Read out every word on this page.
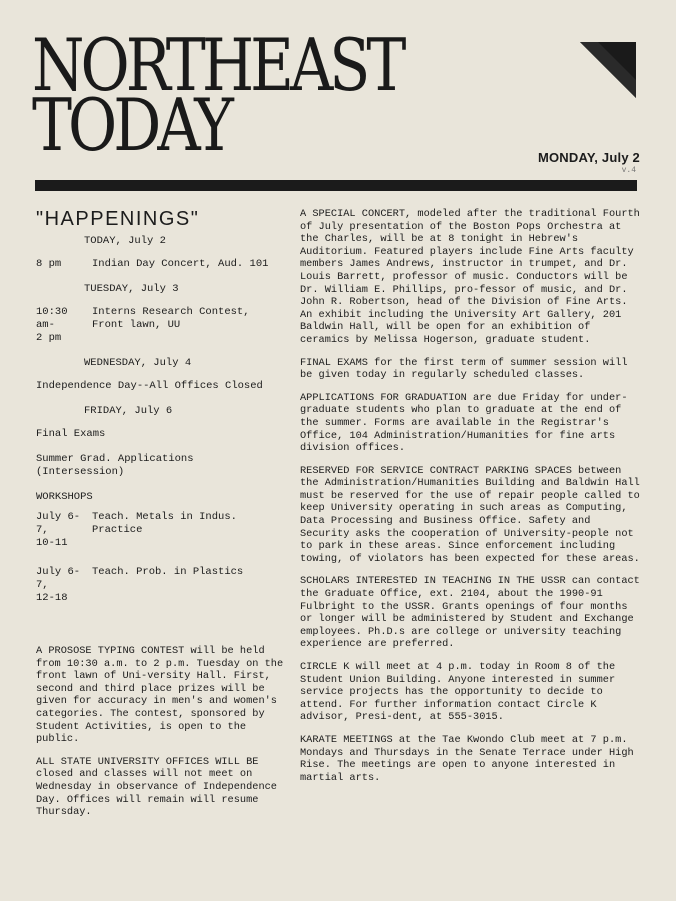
NORTHEAST
TODAY	MONDAY, July 2
v.4
"HAPPENINGS"
TODAY, July 2
8 pm	Indian Day Concert, Aud. 101
TUESDAY, July 3
10:30 am-
2 pm
Interns Research Contest, Front lawn, UU
WEDNESDAY, July 4
Independence Day--All Offices Closed
FRIDAY, July 6
Final Exams
Summer Grad. Applications (Intersession)
WORKSHOPS
July 6-7,
10-11
Teach. Metals in Indus. Practice
July 6-7,
12-18
Teach. Prob. in Plastics

A PROSOSE TYPING CONTEST will be held from 10:30 a.m. to 2 p.m. Tuesday on the front lawn of Uni-versity Hall. First, second and third place prizes will be given for accuracy in men's and women's categories. The contest, sponsored by Student Activities, is open to the public.

ALL STATE UNIVERSITY OFFICES WILL BE closed and classes will not meet on Wednesday in observance of Independence Day. Offices will remain will resume Thursday.

A SPECIAL CONCERT, modeled after the traditional Fourth of July presentation of the Boston Pops Orchestra at the Charles, will be at 8 tonight in Hebrew's Auditorium. Featured players include Fine Arts faculty members James Andrews, instructor in trumpet, and Dr. Louis Barrett, professor of music. Conductors will be Dr. William E. Phillips, pro-fessor of music, and Dr. John R. Robertson, head of the Division of Fine Arts. An exhibit including the University Art Gallery, 201 Baldwin Hall, will be open for an exhibition of ceramics by Melissa Hogerson, graduate student.

FINAL EXAMS for the first term of summer session will be given today in regularly scheduled classes.

APPLICATIONS FOR GRADUATION are due Friday for under-graduate students who plan to graduate at the end of the summer. Forms are available in the Registrar's Office, 104 Administration/Humanities for fine arts division offices.

RESERVED FOR SERVICE CONTRACT PARKING SPACES between the Administration/Humanities Building and Baldwin Hall must be reserved for the use of repair people called to keep University operating in such areas as Computing, Data Processing and Business Office. Safety and Security asks the cooperation of University-people not to park in these areas. Since enforcement including towing, of violators has been expected for these areas.

SCHOLARS INTERESTED IN TEACHING IN THE USSR can contact the Graduate Office, ext. 2104, about the 1990-91 Fulbright to the USSR. Grants openings of four months or longer will be administered by Student and Exchange employees. Ph.D.s are college or university teaching experience are preferred.

CIRCLE K will meet at 4 p.m. today in Room 8 of the Student Union Building. Anyone interested in summer service projects has the opportunity to decide to attend. For further information contact Circle K advisor, Presi-dent, at 555-3015.

KARATE MEETINGS at the Tae Kwondo Club meet at 7 p.m. Mondays and Thursdays in the Senate Terrace under High Rise. The meetings are open to anyone interested in martial arts.
